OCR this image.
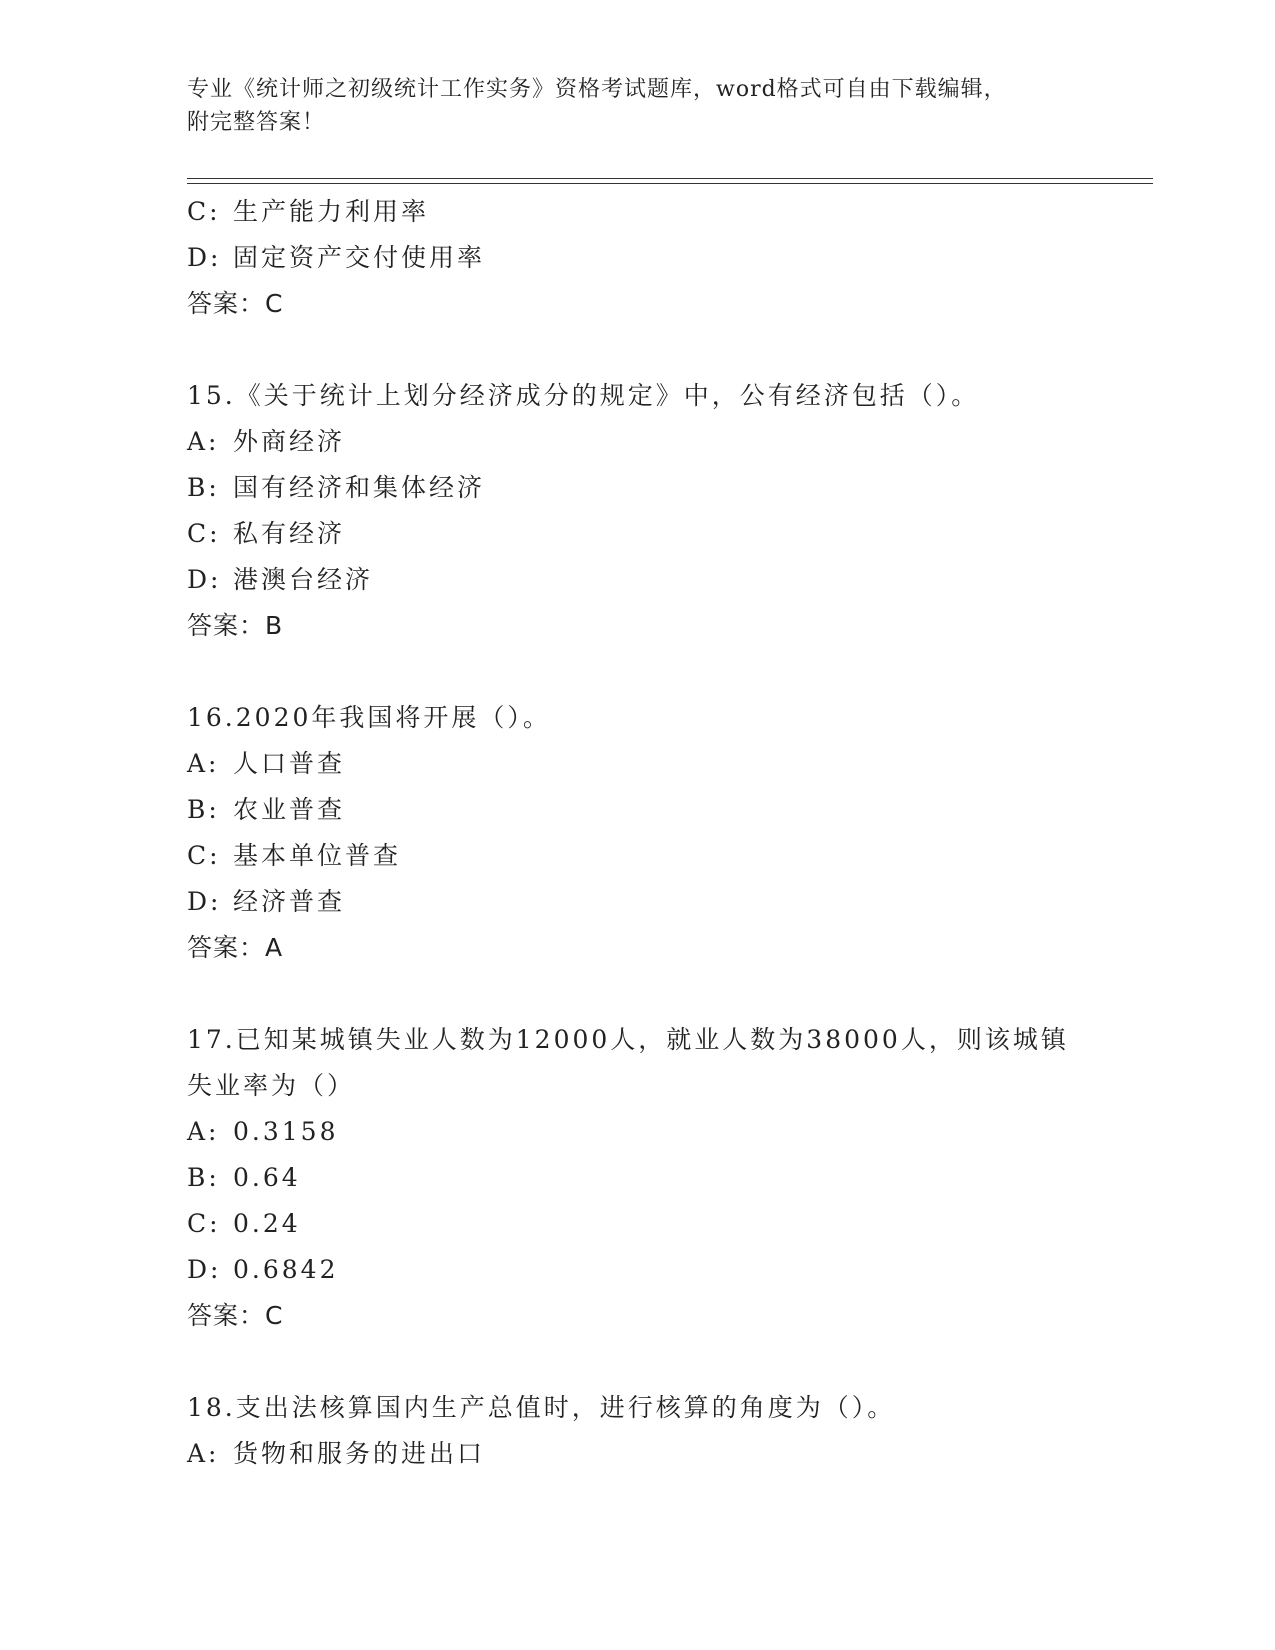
专业《统计师之初级统计工作实务》资格考试题库，word格式可自由下载编辑，
附完整答案！
C: 生产能力利用率
D: 固定资产交付使用率
答案：C
15.《关于统计上划分经济成分的规定》中，公有经济包括（）。
A: 外商经济
B: 国有经济和集体经济
C: 私有经济
D: 港澳台经济
答案：B
16.2020年我国将开展（）。
A: 人口普查
B: 农业普查
C: 基本单位普查
D: 经济普查
答案：A
17.已知某城镇失业人数为12000人，就业人数为38000人，则该城镇
失业率为（）
A: 0.3158
B: 0.64
C: 0.24
D: 0.6842
答案：C
18.支出法核算国内生产总值时，进行核算的角度为（）。
A: 货物和服务的进出口
